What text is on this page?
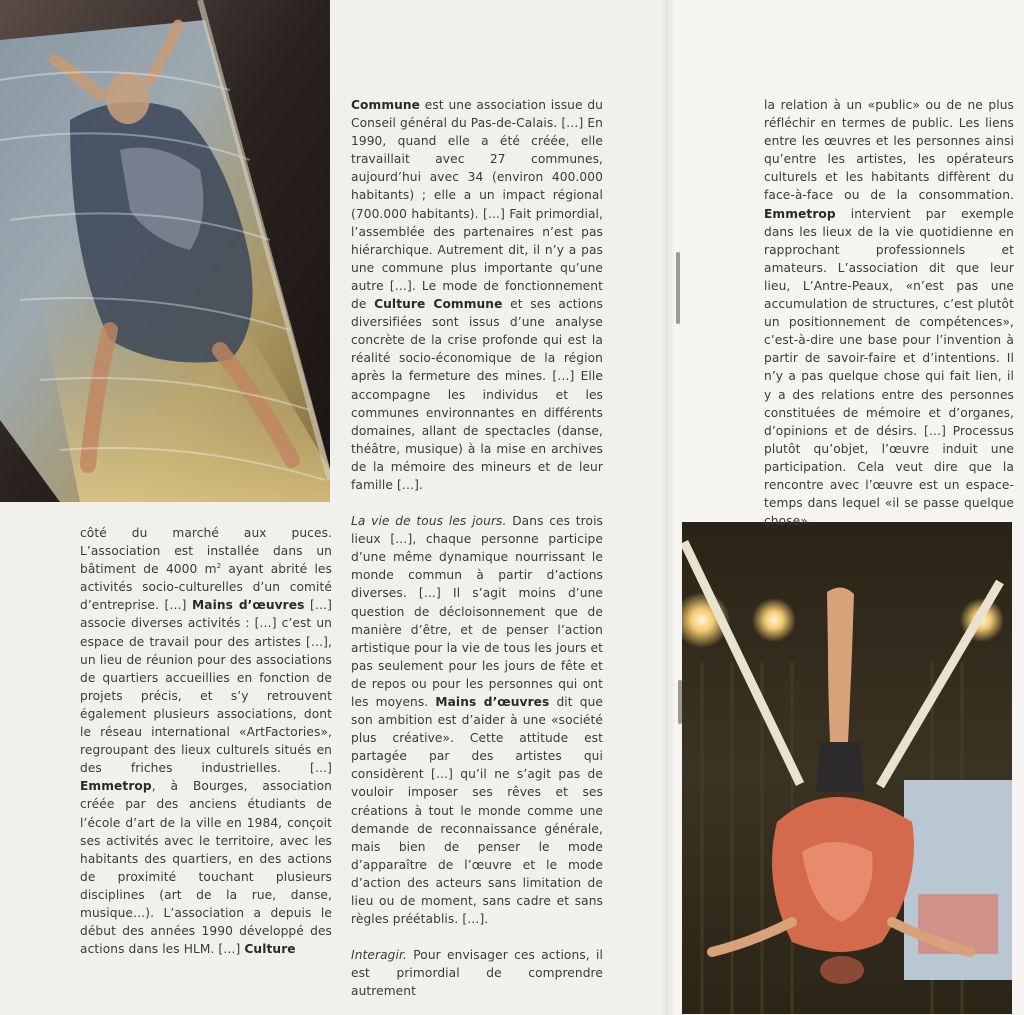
côté du marché aux puces. L’association est installée dans un bâtiment de 4000 $m^2$ ayant abrité les activités socio-culturelles d’un comité d’entreprise. […] Mains d’œuvres […] associe diverses activités : […] c’est un espace de travail pour des artistes […], un lieu de réunion pour des associations de quartiers accueillies en fonction de projets précis, et s’y retrouvent également plusieurs associations, dont le réseau international «ArtFactories», regroupant des lieux culturels situés en des friches industrielles. […] Emmetrop, à Bourges, association créée par des anciens étudiants de l’école d’art de la ville en 1984, conçoit ses activités avec le territoire, avec les habitants des quartiers, en des actions de proximité touchant plusieurs disciplines (art de la rue, danse, musique…). L’association a depuis le début des années 1990 développé des actions dans les HLM. […] Culture

Commune est une association issue du Conseil général du Pas-de-Calais. […] En 1990, quand elle a été créée, elle travaillait avec 27 communes, aujourd’hui avec 34 (environ 400.000 habitants) ; elle a un impact régional (700.000 habitants). […] Fait primordial, l’assemblée des partenaires n’est pas hiérarchique. Autrement dit, il n’y a pas une commune plus importante qu’une autre […]. Le mode de fonctionnement de Culture Commune et ses actions diversifiées sont issus d’une analyse concrète de la crise profonde qui est la réalité socio-économique de la région après la fermeture des mines. […] Elle accompagne les individus et les communes environnantes en différents domaines, allant de spectacles (danse, théâtre, musique) à la mise en archives de la mémoire des mineurs et de leur famille […].

La vie de tous les jours. Dans ces trois lieux […], chaque personne participe d’une même dynamique nourrissant le monde commun à partir d’actions diverses. […] Il s’agit moins d’une question de décloisonnement que de manière d’être, et de penser l’action artistique pour la vie de tous les jours et pas seulement pour les jours de fête et de repos ou pour les personnes qui ont les moyens. Mains d’œuvres dit que son ambition est d’aider à une «société plus créative». Cette attitude est partagée par des artistes qui considèrent […] qu’il ne s’agit pas de vouloir imposer ses rêves et ses créations à tout le monde comme une demande de reconnaissance générale, mais bien de penser le mode d’apparaître de l’œuvre et le mode d’action des acteurs sans limitation de lieu ou de moment, sans cadre et sans règles préétablis. […].

Interagir. Pour envisager ces actions, il est primordial de comprendre autrement

la relation à un «public» ou de ne plus réfléchir en termes de public. Les liens entre les œuvres et les personnes ainsi qu’entre les artistes, les opérateurs culturels et les habitants diffèrent du face-à-face ou de la consommation. Emmetrop intervient par exemple dans les lieux de la vie quotidienne en rapprochant professionnels et amateurs. L’association dit que leur lieu, L’Antre-Peaux, «n’est pas une accumulation de structures, c’est plutôt un positionnement de compétences», c’est-à-dire une base pour l’invention à partir de savoir-faire et d’intentions. Il n’y a pas quelque chose qui fait lien, il y a des relations entre des personnes constituées de mémoire et d’organes, d’opinions et de désirs. […] Processus plutôt qu’objet, l’œuvre induit une participation. Cela veut dire que la rencontre avec l’œuvre est un espace-temps dans lequel «il se passe quelque chose».
